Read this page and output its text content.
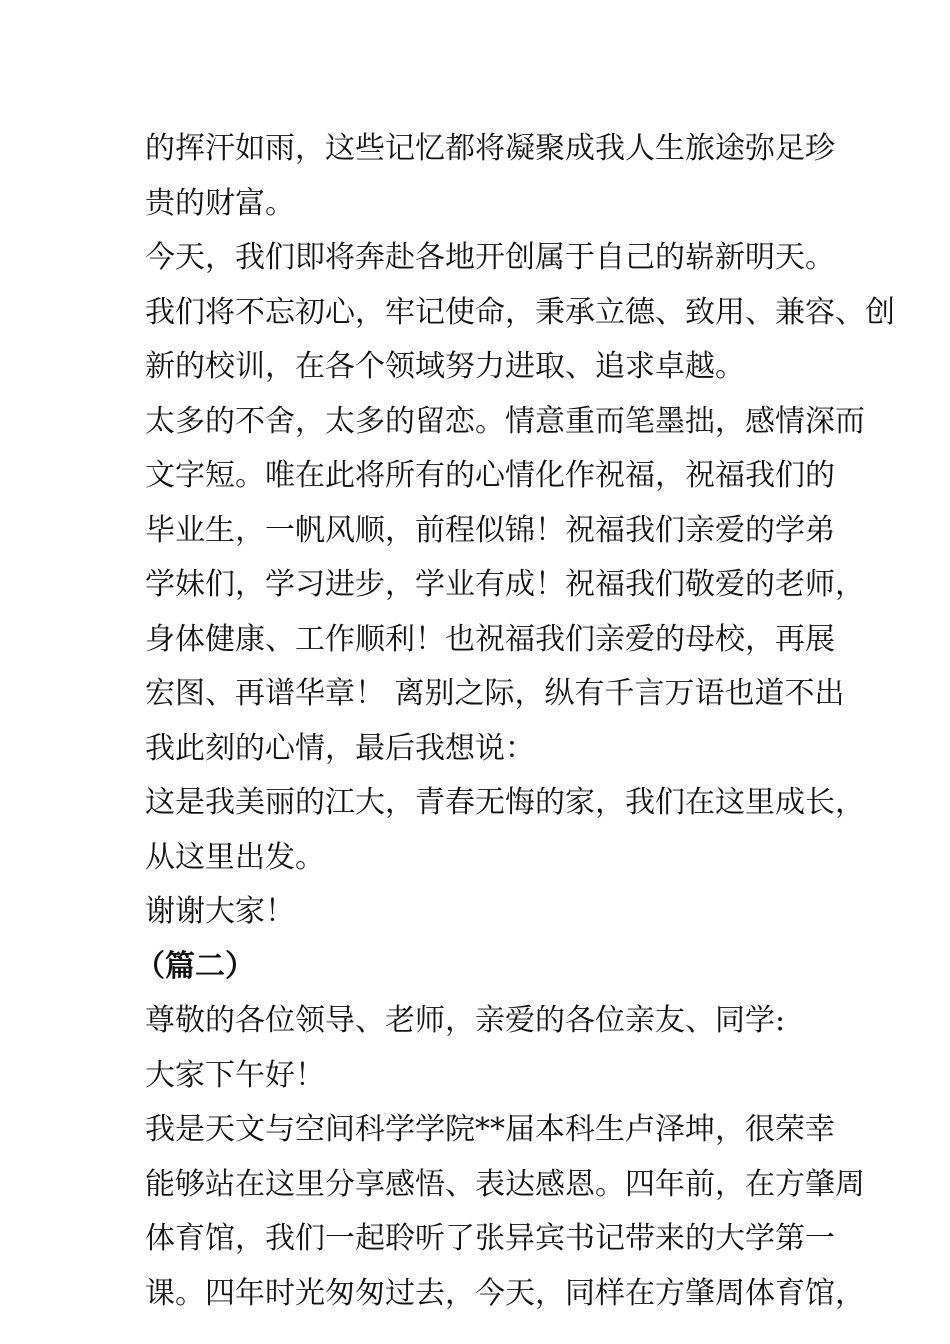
的挥汗如雨，这些记忆都将凝聚成我人生旅途弥足珍
贵的财富。
今天，我们即将奔赴各地开创属于自己的崭新明天。
我们将不忘初心，牢记使命，秉承立德、致用、兼容、创
新的校训，在各个领域努力进取、追求卓越。
太多的不舍，太多的留恋。情意重而笔墨拙，感情深而
文字短。唯在此将所有的心情化作祝福，祝福我们的
毕业生，一帆风顺，前程似锦！祝福我们亲爱的学弟
学妹们，学习进步，学业有成！祝福我们敬爱的老师，
身体健康、工作顺利！也祝福我们亲爱的母校，再展
宏图、再谱华章！ 离别之际，纵有千言万语也道不出
我此刻的心情，最后我想说：
这是我美丽的江大，青春无悔的家，我们在这里成长，
从这里出发。
谢谢大家！
（篇二）
尊敬的各位领导、老师，亲爱的各位亲友、同学:
大家下午好！
我是天文与空间科学学院**届本科生卢泽坤，很荣幸
能够站在这里分享感悟、表达感恩。四年前，在方肇周
体育馆，我们一起聆听了张异宾书记带来的大学第一
课。四年时光匆匆过去，今天，同样在方肇周体育馆，
